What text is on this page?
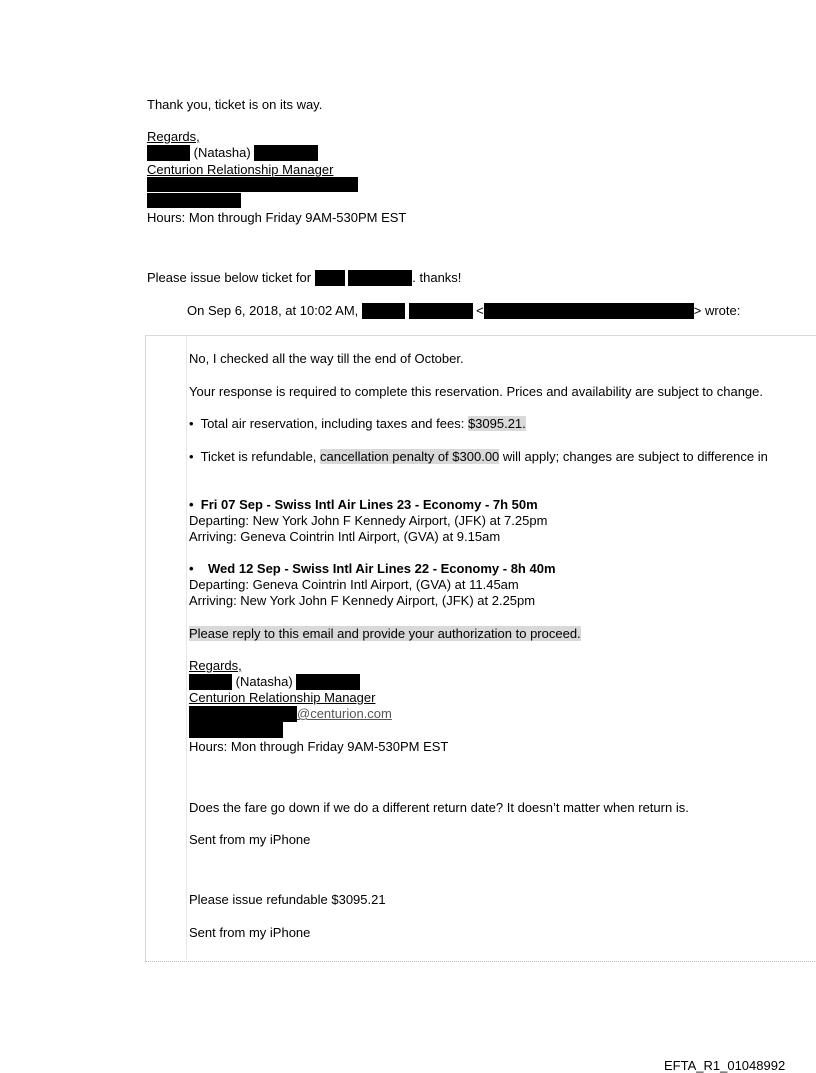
Thank you, ticket is on its way.
Regards,
(Natasha)
Centurion Relationship Manager
Hours: Mon through Friday 9AM-530PM EST
Please issue below ticket for	. thanks!
On Sep 6, 2018, at 10:02 AM,	<	> wrote:
No, I checked all the way till the end of October.
Your response is required to complete this reservation. Prices and availability are subject to change.
• Total air reservation, including taxes and fees: $3095.21.
• Ticket is refundable, cancellation penalty of $300.00 will apply; changes are subject to difference in
• Fri 07 Sep - Swiss Intl Air Lines 23 - Economy - 7h 50m
Departing: New York John F Kennedy Airport, (JFK) at 7.25pm
Arriving: Geneva Cointrin Intl Airport, (GVA) at 9.15am
• Wed 12 Sep - Swiss Intl Air Lines 22 - Economy - 8h 40m
Departing: Geneva Cointrin Intl Airport, (GVA) at 11.45am
Arriving: New York John F Kennedy Airport, (JFK) at 2.25pm
Please reply to this email and provide your authorization to proceed.
Regards,
(Natasha)
Centurion Relationship Manager
@centurion.com
Hours: Mon through Friday 9AM-530PM EST
Does the fare go down if we do a different return date? It doesn’t matter when return is.
Sent from my iPhone
Please issue refundable $3095.21
Sent from my iPhone
EFTA_R1_01048992
